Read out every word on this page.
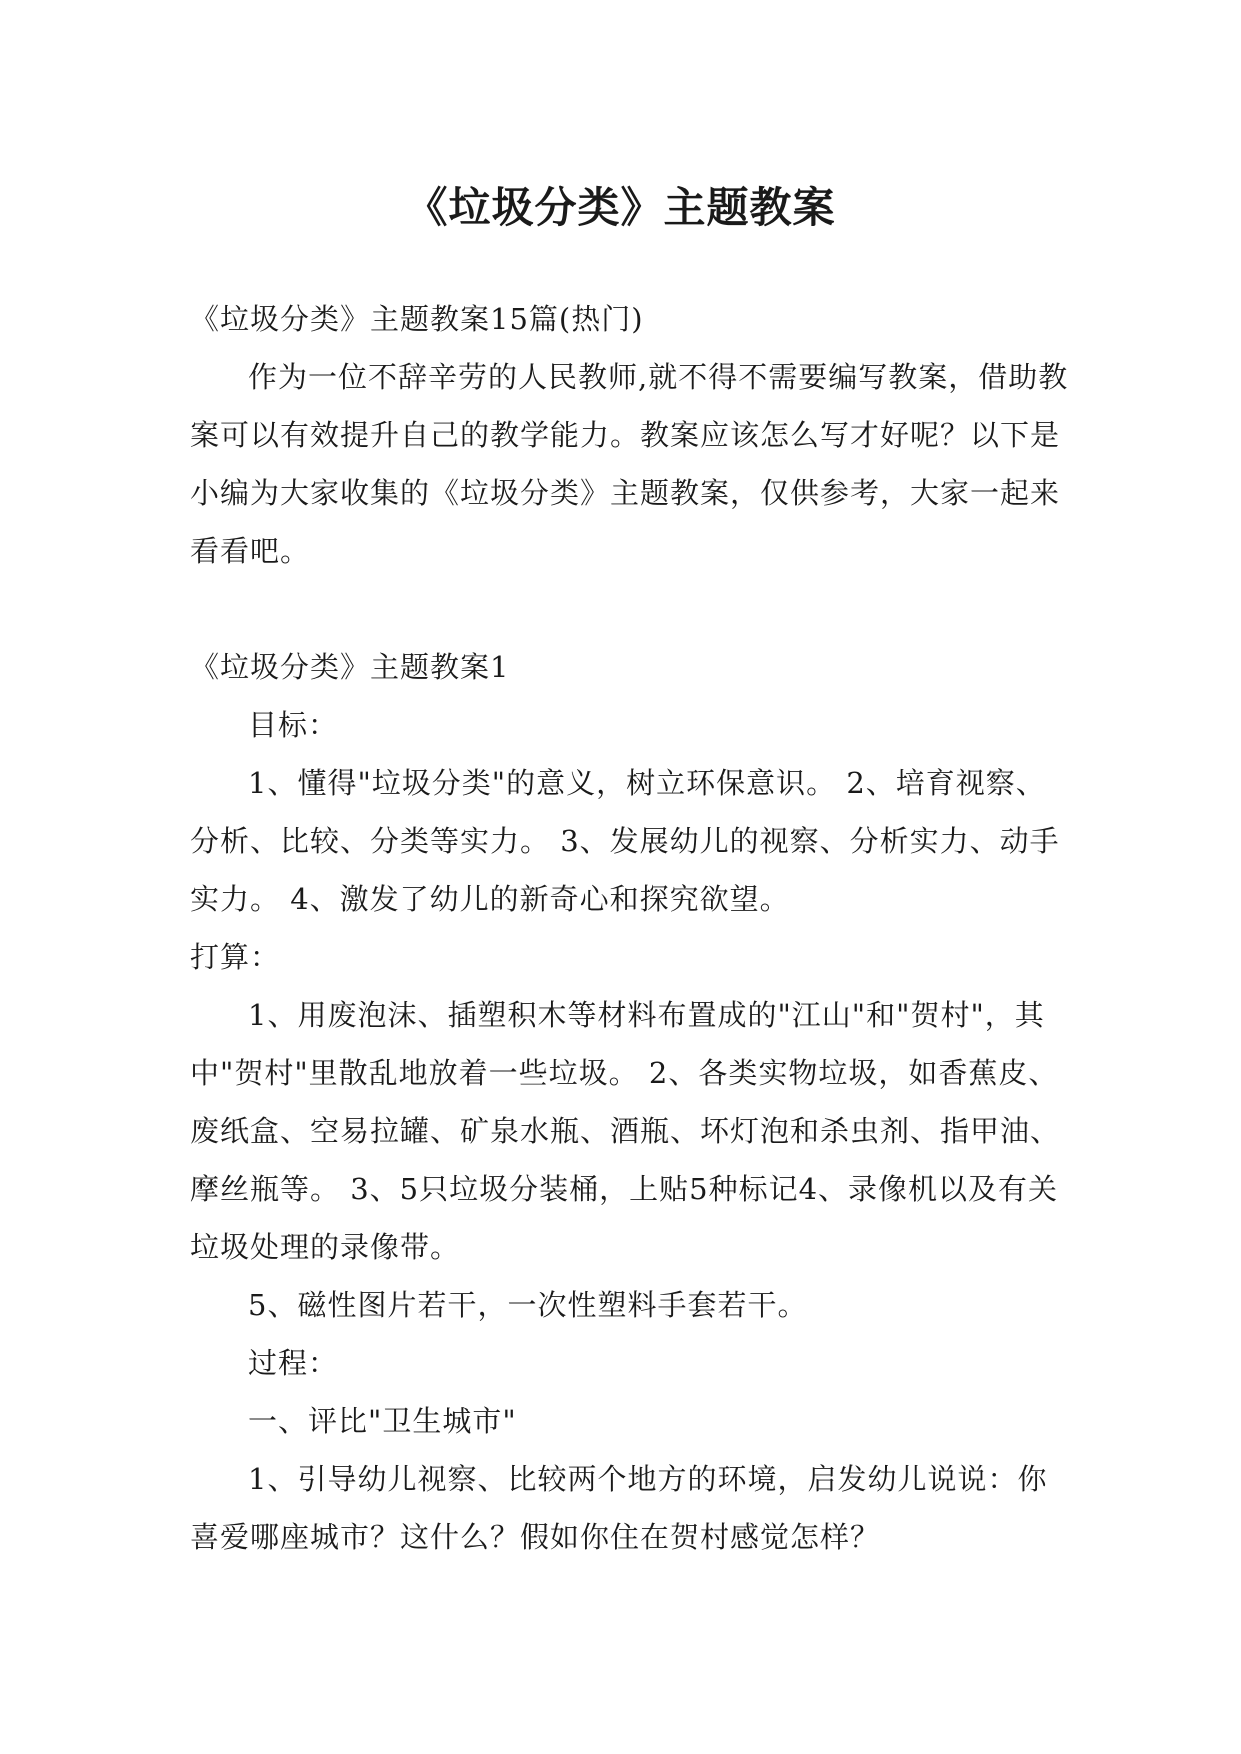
《垃圾分类》主题教案

《垃圾分类》主题教案15篇(热门)

作为一位不辞辛劳的人民教师,就不得不需要编写教案，借助教案可以有效提升自己的教学能力。教案应该怎么写才好呢？以下是小编为大家收集的《垃圾分类》主题教案，仅供参考，大家一起来看看吧。

《垃圾分类》主题教案1

目标：

1、懂得"垃圾分类"的意义，树立环保意识。 2、培育视察、分析、比较、分类等实力。 3、发展幼儿的视察、分析实力、动手实力。 4、激发了幼儿的新奇心和探究欲望。

打算：

1、用废泡沫、插塑积木等材料布置成的"江山"和"贺村"，其中"贺村"里散乱地放着一些垃圾。 2、各类实物垃圾，如香蕉皮、废纸盒、空易拉罐、矿泉水瓶、酒瓶、坏灯泡和杀虫剂、指甲油、摩丝瓶等。 3、5只垃圾分装桶，上贴5种标记4、录像机以及有关垃圾处理的录像带。

5、磁性图片若干，一次性塑料手套若干。

过程：

一、评比"卫生城市"

1、引导幼儿视察、比较两个地方的环境，启发幼儿说说：你喜爱哪座城市？这什么？假如你住在贺村感觉怎样？
